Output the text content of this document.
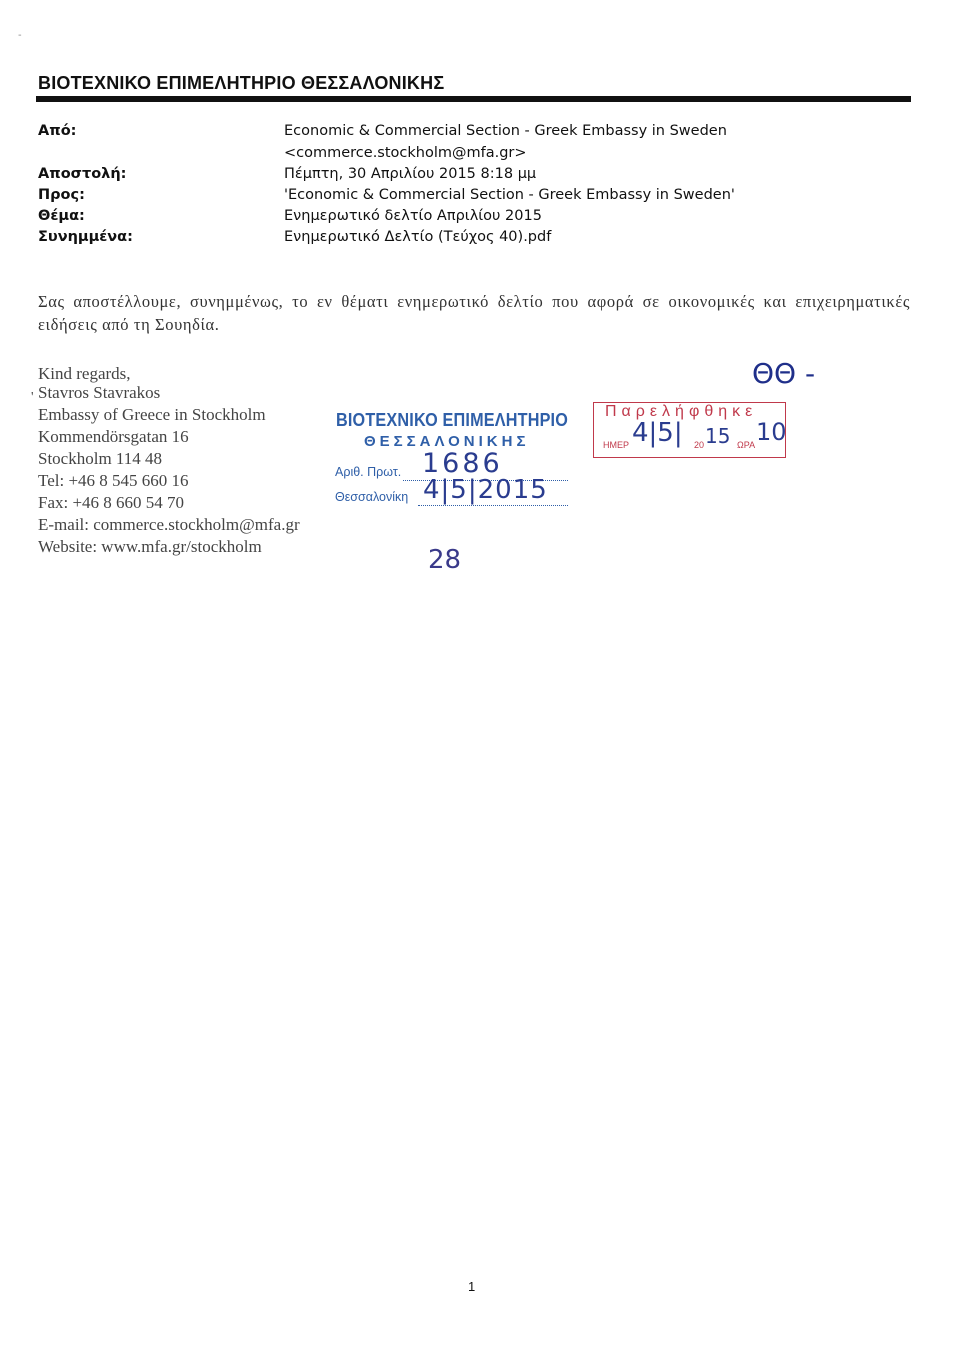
-
ΒΙΟΤΕΧΝΙΚΟ ΕΠΙΜΕΛΗΤΗΡΙΟ ΘΕΣΣΑΛΟΝΙΚΗΣ
Από:	Economic & Commercial Section - Greek Embassy in Sweden
<commerce.stockholm@mfa.gr>
Αποστολή:	Πέμπτη, 30 Απριλίου 2015 8:18 μμ
Προς:	'Economic & Commercial Section - Greek Embassy in Sweden'
Θέμα:	Ενημερωτικό δελτίο Απριλίου 2015
Συνημμένα:	Ενημερωτικό Δελτίο (Τεύχος 40).pdf
Σας αποστέλλουμε, συνημμένως, το εν θέματι ενημερωτικό δελτίο που αφορά σε οικονομικές και επιχειρηματικές ειδήσεις από τη Σουηδία.
Kind regards,
' Stavros Stavrakos
Embassy of Greece in Stockholm
Kommendörsgatan 16
Stockholm 114 48
Tel: +46 8 545 660 16
Fax: +46 8 660 54 70
E-mail: commerce.stockholm@mfa.gr
Website: www.mfa.gr/stockholm
ΒΙΟΤΕΧΝΙΚΟ ΕΠΙΜΕΛΗΤΗΡΙΟ
ΘΕΣΣΑΛΟΝΙΚΗΣ
Αριθ. Πρωτ. 1686
Θεσσαλονίκη 4|5|2015
28
ΘΘ -
Παρελήφθηκε
ΗΜΕΡ 4|5| 20 15 ΩΡΑ 10
1
